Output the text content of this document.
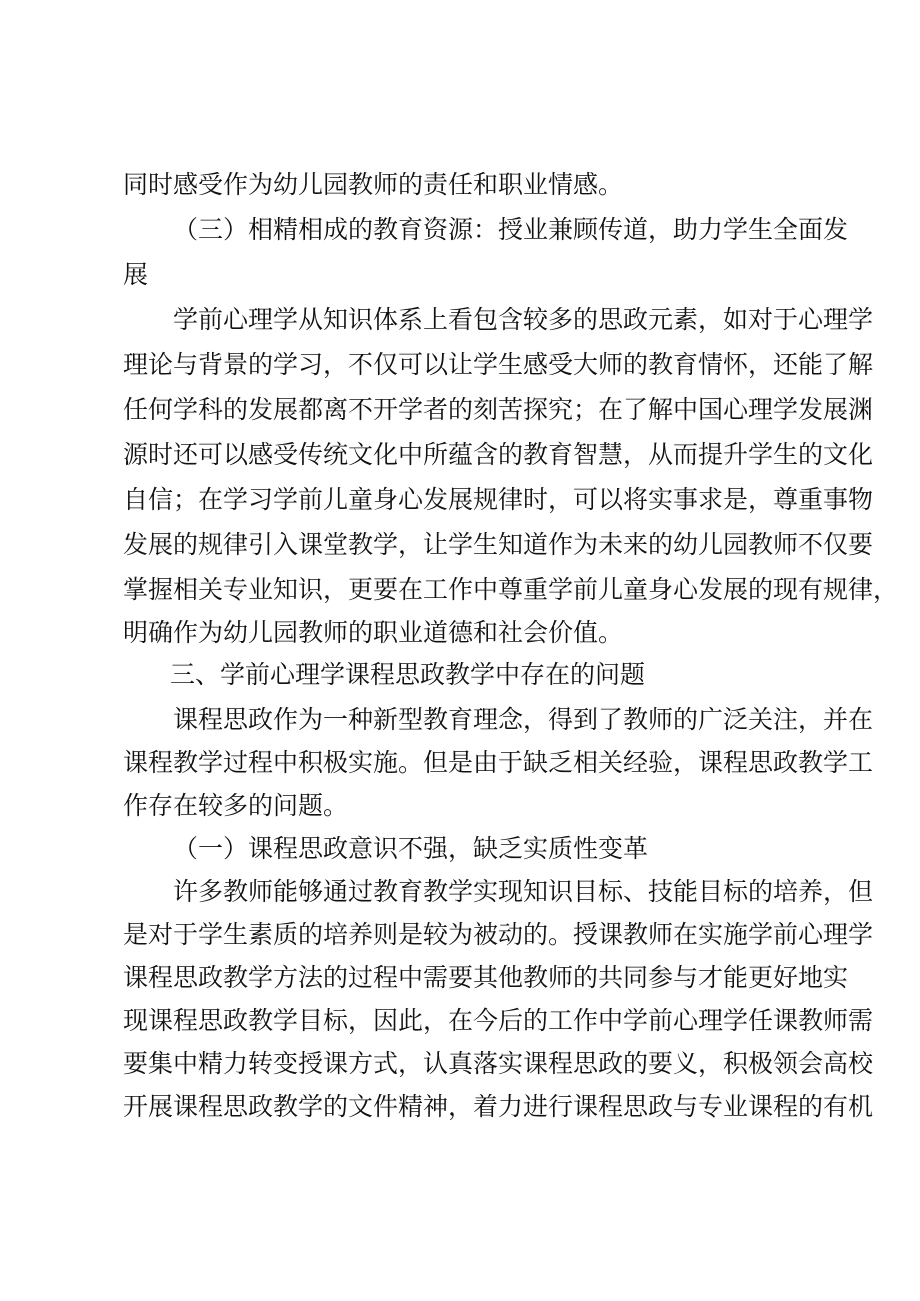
同时感受作为幼儿园教师的责任和职业情感。
（三）相精相成的教育资源：授业兼顾传道，助力学生全面发
展
学前心理学从知识体系上看包含较多的思政元素，如对于心理学
理论与背景的学习，不仅可以让学生感受大师的教育情怀，还能了解
任何学科的发展都离不开学者的刻苦探究；在了解中国心理学发展渊
源时还可以感受传统文化中所蕴含的教育智慧，从而提升学生的文化
自信；在学习学前儿童身心发展规律时，可以将实事求是，尊重事物
发展的规律引入课堂教学，让学生知道作为未来的幼儿园教师不仅要
掌握相关专业知识，更要在工作中尊重学前儿童身心发展的现有规律，
明确作为幼儿园教师的职业道德和社会价值。
三、学前心理学课程思政教学中存在的问题
课程思政作为一种新型教育理念，得到了教师的广泛关注，并在
课程教学过程中积极实施。但是由于缺乏相关经验，课程思政教学工
作存在较多的问题。
（一）课程思政意识不强，缺乏实质性变革
许多教师能够通过教育教学实现知识目标、技能目标的培养，但
是对于学生素质的培养则是较为被动的。授课教师在实施学前心理学
课程思政教学方法的过程中需要其他教师的共同参与才能更好地实
现课程思政教学目标，因此，在今后的工作中学前心理学任课教师需
要集中精力转变授课方式，认真落实课程思政的要义，积极领会高校
开展课程思政教学的文件精神，着力进行课程思政与专业课程的有机
